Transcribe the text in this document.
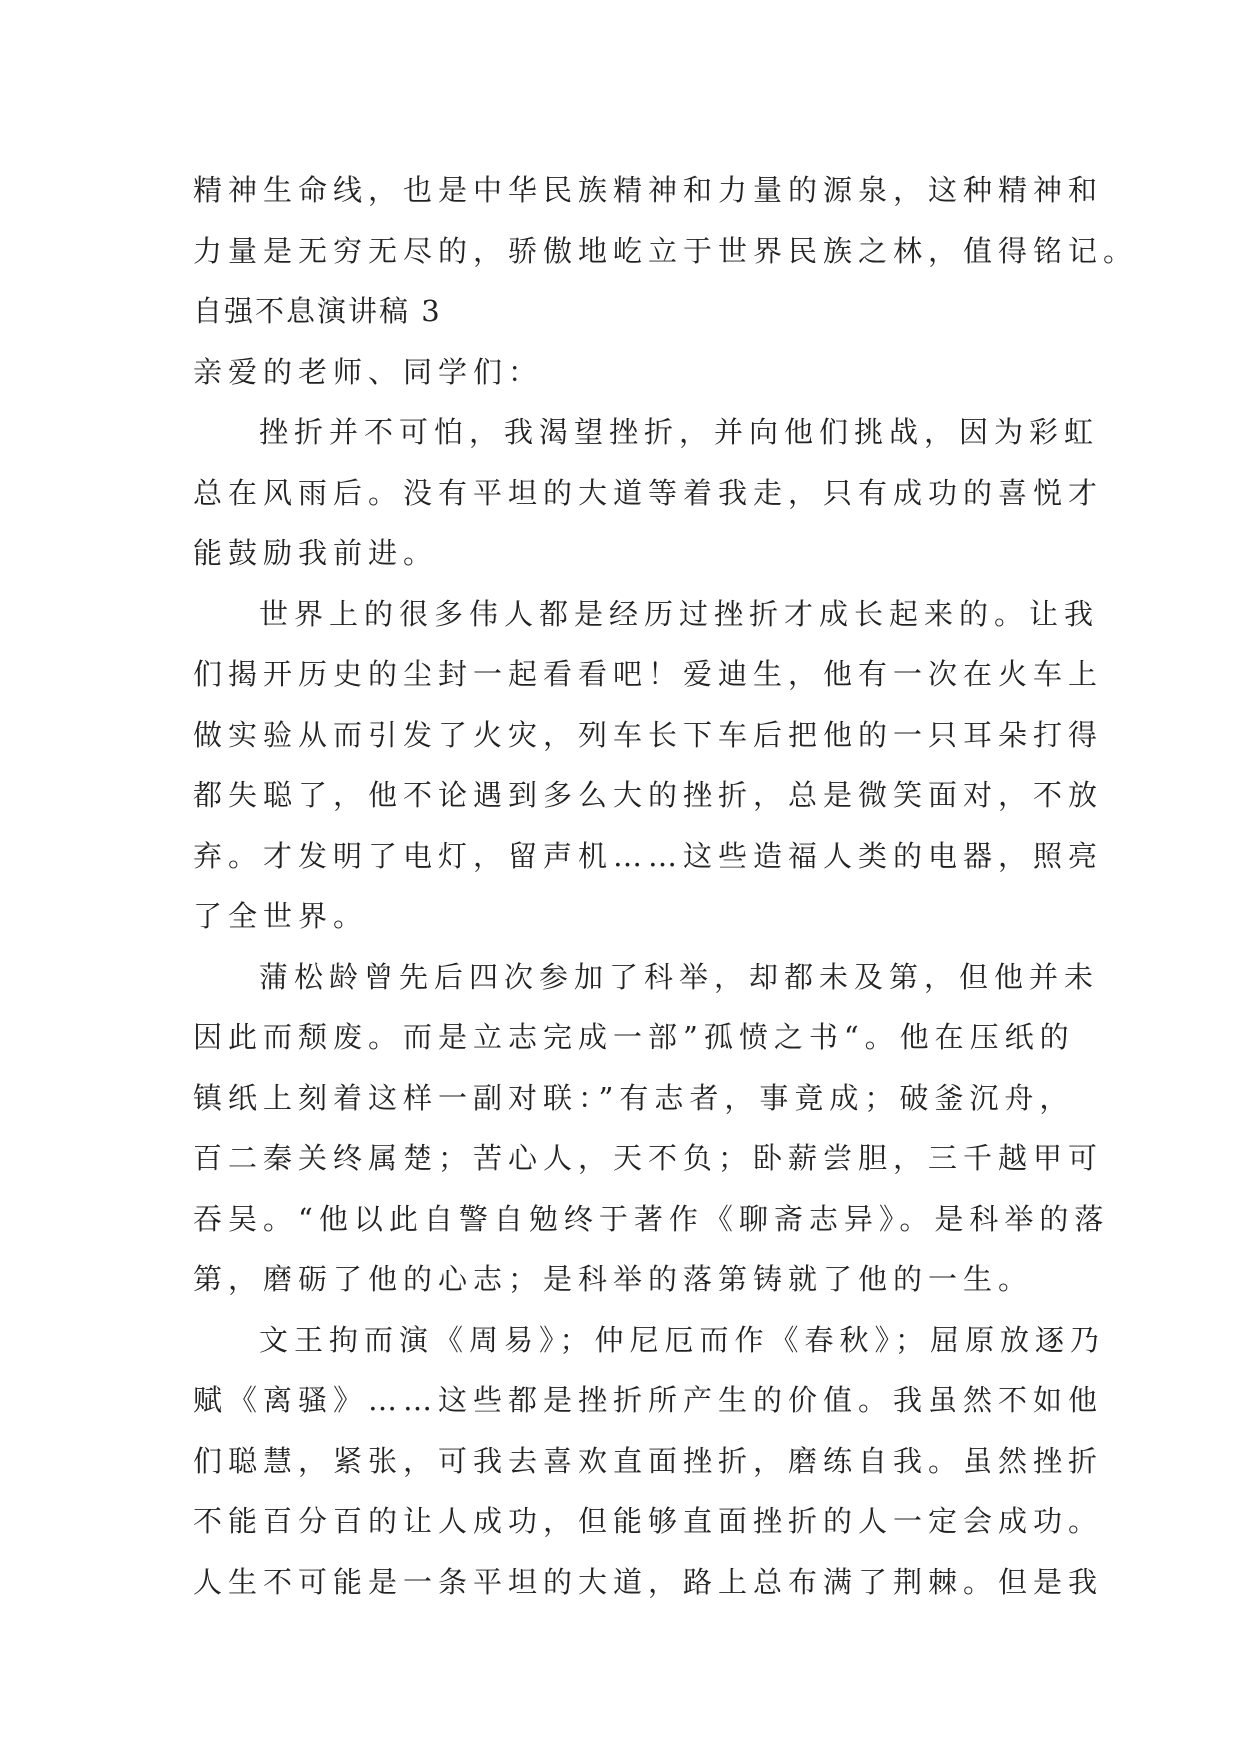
精神生命线，也是中华民族精神和力量的源泉，这种精神和
力量是无穷无尽的，骄傲地屹立于世界民族之林，值得铭记。
自强不息演讲稿 3
亲爱的老师、同学们：
挫折并不可怕，我渴望挫折，并向他们挑战，因为彩虹
总在风雨后。没有平坦的大道等着我走，只有成功的喜悦才
能鼓励我前进。
世界上的很多伟人都是经历过挫折才成长起来的。让我
们揭开历史的尘封一起看看吧！爱迪生，他有一次在火车上
做实验从而引发了火灾，列车长下车后把他的一只耳朵打得
都失聪了，他不论遇到多么大的挫折，总是微笑面对，不放
弃。才发明了电灯，留声机……这些造福人类的电器，照亮
了全世界。
蒲松龄曾先后四次参加了科举，却都未及第，但他并未
因此而颓废。而是立志完成一部”孤愤之书“。他在压纸的
镇纸上刻着这样一副对联：”有志者，事竟成；破釜沉舟，
百二秦关终属楚；苦心人，天不负；卧薪尝胆，三千越甲可
吞吴。“他以此自警自勉终于著作《聊斋志异》。是科举的落
第，磨砺了他的心志；是科举的落第铸就了他的一生。
文王拘而演《周易》；仲尼厄而作《春秋》；屈原放逐乃
赋《离骚》……这些都是挫折所产生的价值。我虽然不如他
们聪慧，紧张，可我去喜欢直面挫折，磨练自我。虽然挫折
不能百分百的让人成功，但能够直面挫折的人一定会成功。
人生不可能是一条平坦的大道，路上总布满了荆棘。但是我
